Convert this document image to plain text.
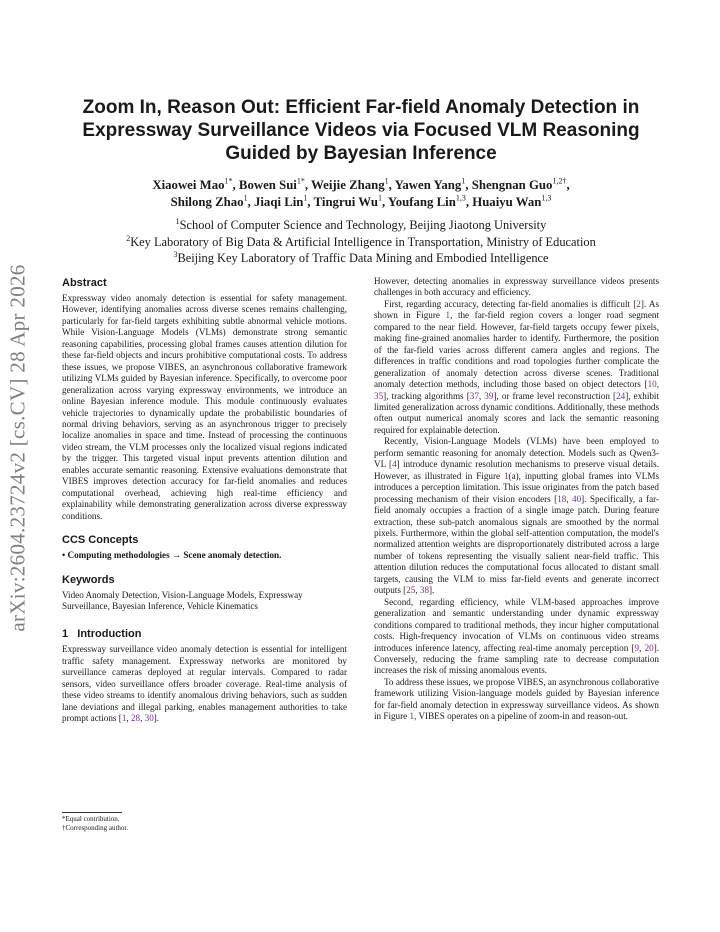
arXiv:2604.23724v2 [cs.CV] 28 Apr 2026
Zoom In, Reason Out: Efficient Far-field Anomaly Detection in Expressway Surveillance Videos via Focused VLM Reasoning Guided by Bayesian Inference
Xiaowei Mao$^{1*}$, Bowen Sui$^{1*}$, Weijie Zhang$^1$, Yawen Yang$^1$, Shengnan Guo$^{1,2\dagger}$,
Shilong Zhao$^1$, Jiaqi Lin$^1$, Tingrui Wu$^1$, Youfang Lin$^{1,3}$, Huaiyu Wan$^{1,3}$
$^1$School of Computer Science and Technology, Beijing Jiaotong University
$^2$Key Laboratory of Big Data & Artificial Intelligence in Transportation, Ministry of Education
$^3$Beijing Key Laboratory of Traffic Data Mining and Embodied Intelligence
Abstract

Expressway video anomaly detection is essential for safety management. However, identifying anomalies across diverse scenes remains challenging, particularly for far-field targets exhibiting subtle abnormal vehicle motions. While Vision-Language Models (VLMs) demonstrate strong semantic reasoning capabilities, processing global frames causes attention dilution for these far-field objects and incurs prohibitive computational costs. To address these issues, we propose VIBES, an asynchronous collaborative framework utilizing VLMs guided by Bayesian inference. Specifically, to overcome poor generalization across varying expressway environments, we introduce an online Bayesian inference module. This module continuously evaluates vehicle trajectories to dynamically update the probabilistic boundaries of normal driving behaviors, serving as an asynchronous trigger to precisely localize anomalies in space and time. Instead of processing the continuous video stream, the VLM processes only the localized visual regions indicated by the trigger. This targeted visual input prevents attention dilution and enables accurate semantic reasoning. Extensive evaluations demonstrate that VIBES improves detection accuracy for far-field anomalies and reduces computational overhead, achieving high real-time efficiency and explainability while demonstrating generalization across diverse expressway conditions.

CCS Concepts

• Computing methodologies → Scene anomaly detection.

Keywords

Video Anomaly Detection, Vision-Language Models, Expressway Surveillance, Bayesian Inference, Vehicle Kinematics

1   Introduction

Expressway surveillance video anomaly detection is essential for intelligent traffic safety management. Expressway networks are monitored by surveillance cameras deployed at regular intervals. Compared to radar sensors, video surveillance offers broader coverage. Real-time analysis of these video streams to identify anomalous driving behaviors, such as sudden lane deviations and illegal parking, enables management authorities to take prompt actions [1, 28, 30].

*Equal contribution.
†Corresponding author.

However, detecting anomalies in expressway surveillance videos presents challenges in both accuracy and efficiency.

First, regarding accuracy, detecting far-field anomalies is difficult [2]. As shown in Figure 1, the far-field region covers a longer road segment compared to the near field. However, far-field targets occupy fewer pixels, making fine-grained anomalies harder to identify. Furthermore, the position of the far-field varies across different camera angles and regions. The differences in traffic conditions and road topologies further complicate the generalization of anomaly detection across diverse scenes. Traditional anomaly detection methods, including those based on object detectors [10, 35], tracking algorithms [37, 39], or frame level reconstruction [24], exhibit limited generalization across dynamic conditions. Additionally, these methods often output numerical anomaly scores and lack the semantic reasoning required for explainable detection.

Recently, Vision-Language Models (VLMs) have been employed to perform semantic reasoning for anomaly detection. Models such as Qwen3-VL [4] introduce dynamic resolution mechanisms to preserve visual details. However, as illustrated in Figure 1(a), inputting global frames into VLMs introduces a perception limitation. This issue originates from the patch based processing mechanism of their vision encoders [18, 40]. Specifically, a far-field anomaly occupies a fraction of a single image patch. During feature extraction, these sub-patch anomalous signals are smoothed by the normal pixels. Furthermore, within the global self-attention computation, the model's normalized attention weights are disproportionately distributed across a large number of tokens representing the visually salient near-field traffic. This attention dilution reduces the computational focus allocated to distant small targets, causing the VLM to miss far-field events and generate incorrect outputs [25, 38].

Second, regarding efficiency, while VLM-based approaches improve generalization and semantic understanding under dynamic expressway conditions compared to traditional methods, they incur higher computational costs. High-frequency invocation of VLMs on continuous video streams introduces inference latency, affecting real-time anomaly perception [9, 20]. Conversely, reducing the frame sampling rate to decrease computation increases the risk of missing anomalous events.

To address these issues, we propose VIBES, an asynchronous collaborative framework utilizing Vision-language models guided by Bayesian inference for far-field anomaly detection in expressway surveillance videos. As shown in Figure 1, VIBES operates on a pipeline of zoom-in and reason-out.
